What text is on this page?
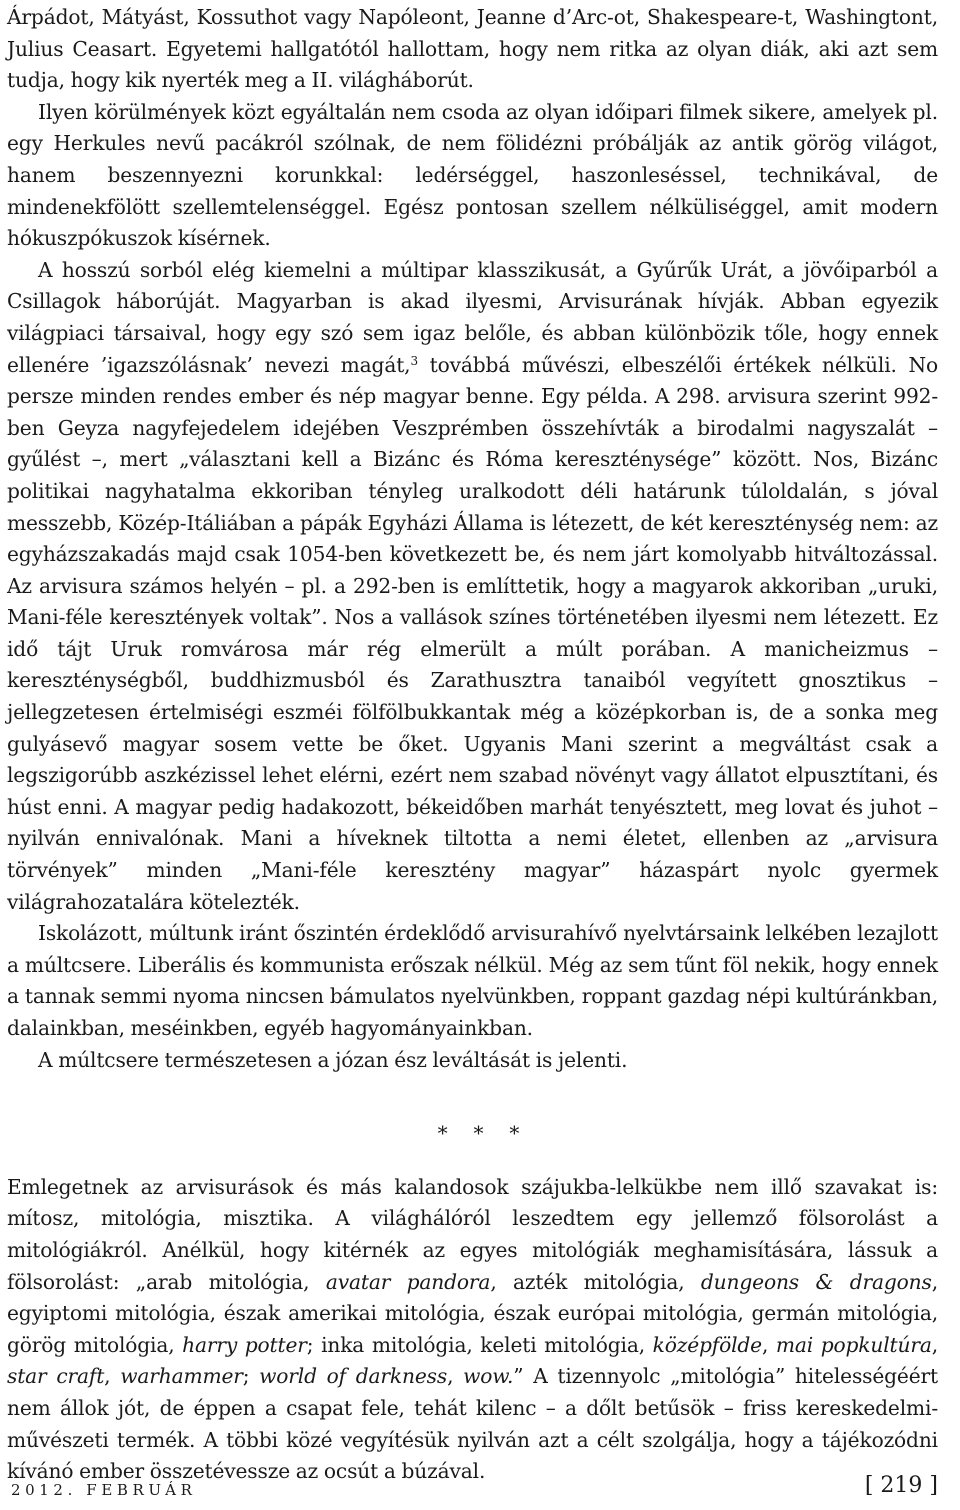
Árpádot, Mátyást, Kossuthot vagy Napóleont, Jeanne d’Arc-ot, Shakespeare-t, Washingtont, Julius Ceasart. Egyetemi hallgatótól hallottam, hogy nem ritka az olyan diák, aki azt sem tudja, hogy kik nyerték meg a II. világháborút.

Ilyen körülmények közt egyáltalán nem csoda az olyan időipari filmek sikere, amelyek pl. egy Herkules nevű pacákról szólnak, de nem fölidézni próbálják az antik görög világot, hanem beszennyezni korunkkal: ledérséggel, haszonleséssel, technikával, de mindenekfölött szellemtelenséggel. Egész pontosan szellem nélküliséggel, amit modern hókuszpókuszok kísérnek.

A hosszú sorból elég kiemelni a múltipar klasszikusát, a Gyűrűk Urát, a jövőiparból a Csillagok háborúját. Magyarban is akad ilyesmi, Arvisurának hívják. Abban egyezik világpiaci társaival, hogy egy szó sem igaz belőle, és abban különbözik tőle, hogy ennek ellenére ’igazszólásnak’ nevezi magát,$^3$ továbbá művészi, elbeszélői értékek nélküli. No persze minden rendes ember és nép magyar benne. Egy példa. A 298. arvisura szerint 992-ben Geyza nagyfejedelem idejében Veszprémben összehívták a birodalmi nagyszalát – gyűlést –, mert „választani kell a Bizánc és Róma kereszténysége” között. Nos, Bizánc politikai nagyhatalma ekkoriban tényleg uralkodott déli határunk túloldalán, s jóval messzebb, Közép-Itáliában a pápák Egyházi Állama is létezett, de két kereszténység nem: az egyházszakadás majd csak 1054-ben következett be, és nem járt komolyabb hitváltozással. Az arvisura számos helyén – pl. a 292-ben is említtetik, hogy a magyarok akkoriban „uruki, Mani-féle keresztények voltak”. Nos a vallások színes történetében ilyesmi nem létezett. Ez idő tájt Uruk romvárosa már rég elmerült a múlt porában. A manicheizmus – kereszténységből, buddhizmusból és Zarathusztra tanaiból vegyített gnosztikus – jellegzetesen értelmiségi eszméi fölfölbukkantak még a középkorban is, de a sonka meg gulyásevő magyar sosem vette be őket. Ugyanis Mani szerint a megváltást csak a legszigorúbb aszkézissel lehet elérni, ezért nem szabad növényt vagy állatot elpusztítani, és húst enni. A magyar pedig hadakozott, békeidőben marhát tenyésztett, meg lovat és juhot – nyilván ennivalónak. Mani a híveknek tiltotta a nemi életet, ellenben az „arvisura törvények” minden „Mani-féle keresztény magyar” házaspárt nyolc gyermek világrahozatalára kötelezték.

Iskolázott, múltunk iránt őszintén érdeklődő arvisurahívő nyelvtársaink lelkében lezajlott a múltcsere. Liberális és kommunista erőszak nélkül. Még az sem tűnt föl nekik, hogy ennek a tannak semmi nyoma nincsen bámulatos nyelvünkben, roppant gazdag népi kultúránkban, dalainkban, meséinkben, egyéb hagyományainkban.

A múltcsere természetesen a józan ész leváltását is jelenti.

* * *

Emlegetnek az arvisurások és más kalandosok szájukba-lelkükbe nem illő szavakat is: mítosz, mitológia, misztika. A világhálóról leszedtem egy jellemző fölsorolást a mitológiákról. Anélkül, hogy kitérnék az egyes mitológiák meghamisítására, lássuk a fölsorolást: „arab mitológia, avatar pandora, azték mitológia, dungeons & dragons, egyiptomi mitológia, észak amerikai mitológia, észak európai mitológia, germán mitológia, görög mitológia, harry potter; inka mitológia, keleti mitológia, középfölde, mai popkultúra, star craft, warhammer; world of darkness, wow.” A tizennyolc „mitológia” hitelességéért nem állok jót, de éppen a csapat fele, tehát kilenc – a dőlt betűsök – friss kereskedelmi-művészeti termék. A többi közé vegyítésük nyilván azt a célt szolgálja, hogy a tájékozódni kívánó ember összetévessze az ocsút a búzával.

2012. FEBRUÁR	[ 219 ]
